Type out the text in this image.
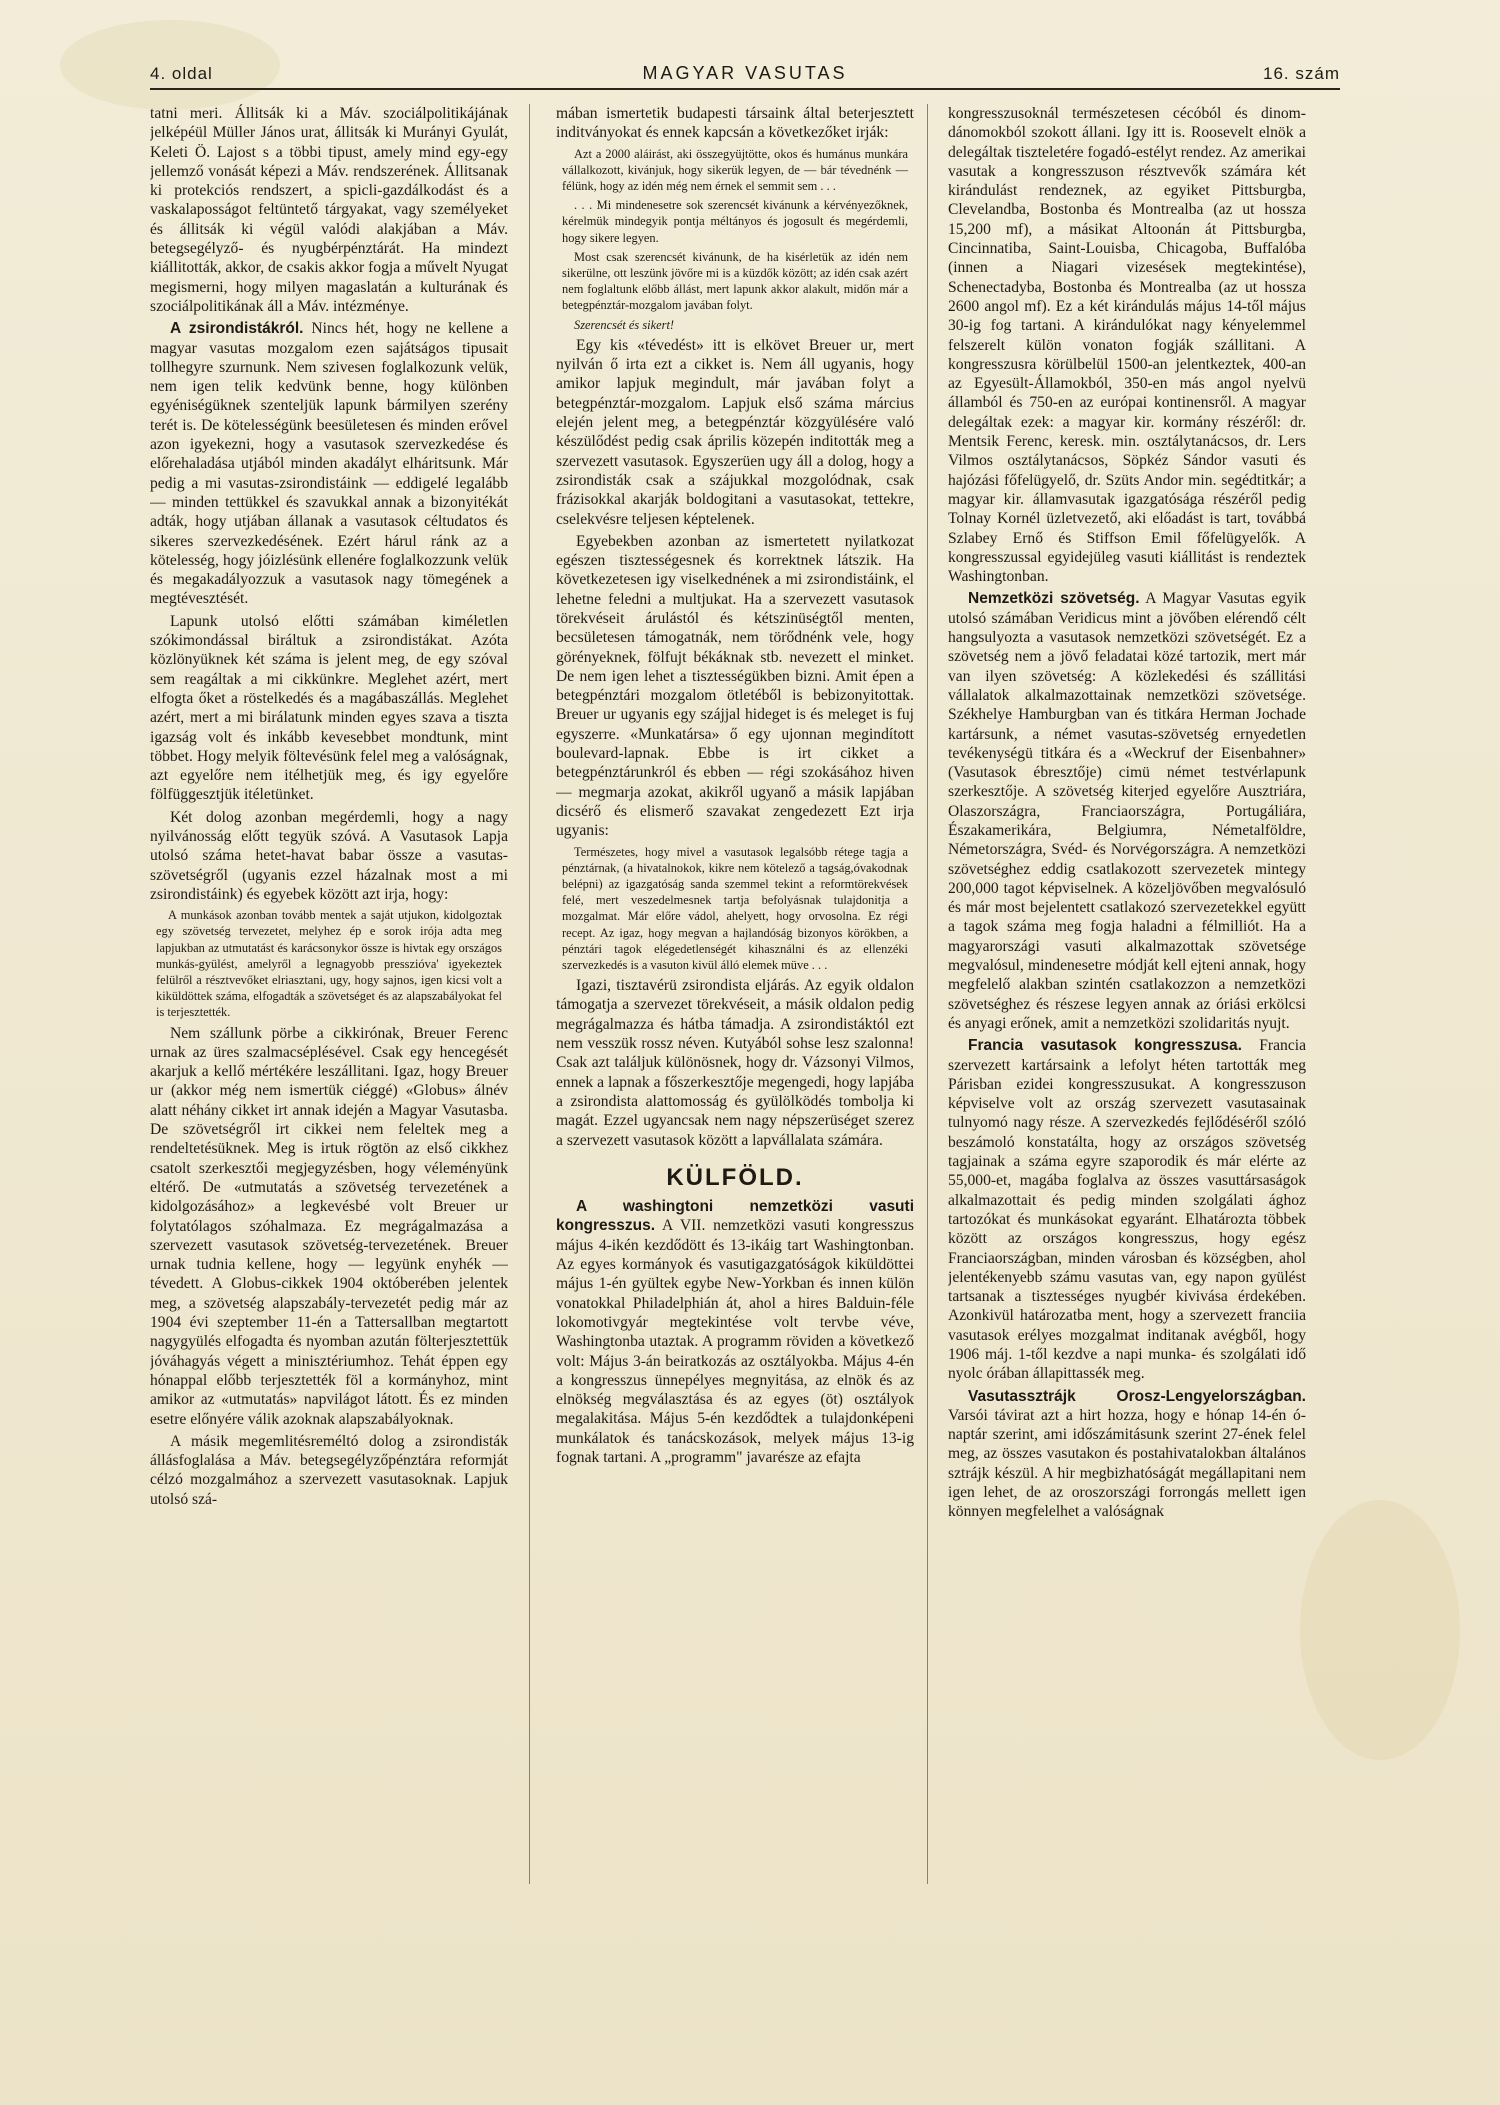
4. oldal	MAGYAR VASUTAS	16. szám

tatni meri. Állitsák ki a Máv. szociálpolitikájának jelképéül Müller János urat, állitsák ki Murányi Gyulát, Keleti Ö. Lajost s a többi tipust, amely mind egy-egy jellemző vonását képezi a Máv. rendszerének. Állitsanak ki protekciós rendszert, a spicli-gazdálkodást és a vaskalaposságot feltüntető tárgyakat, vagy személyeket és állitsák ki végül valódi alakjában a Máv. betegsegélyző- és nyugbérpénztárát. Ha mindezt kiállitották, akkor, de csakis akkor fogja a művelt Nyugat megismerni, hogy milyen magaslatán a kulturának és szociálpolitikának áll a Máv. intézménye.

A zsirondistákról. Nincs hét, hogy ne kellene a magyar vasutas mozgalom ezen sajátságos tipusait tollhegyre szurnunk. Nem szivesen foglalkozunk velük, nem igen telik kedvünk benne, hogy különben egyéniségüknek szenteljük lapunk bármilyen szerény terét is. De kötelességünk beesületesen és minden erővel azon igyekezni, hogy a vasutasok szervezkedése és előrehaladása utjából minden akadályt elháritsunk. Már pedig a mi vasutas-zsirondistáink — eddigelé legalább — minden tettükkel és szavukkal annak a bizonyitékát adták, hogy utjában állanak a vasutasok céltudatos és sikeres szervezkedésének. Ezért hárul ránk az a kötelesség, hogy jóizlésünk ellenére foglalkozzunk velük és megakadályozzuk a vasutasok nagy tömegének a megtévesztését.

Lapunk utolsó előtti számában kiméletlen szókimondással biráltuk a zsirondistákat. Azóta közlönyüknek két száma is jelent meg, de egy szóval sem reagáltak a mi cikkünkre. Meglehet azért, mert elfogta őket a röstelkedés és a magábaszállás. Meglehet azért, mert a mi birálatunk minden egyes szava a tiszta igazság volt és inkább kevesebbet mondtunk, mint többet. Hogy melyik föltevésünk felel meg a valóságnak, azt egyelőre nem itélhetjük meg, és igy egyelőre fölfüggesztjük itéletünket.

Két dolog azonban megérdemli, hogy a nagy nyilvánosság előtt tegyük szóvá. A Vasutasok Lapja utolsó száma hetet-havat babar össze a vasutas-szövetségről (ugyanis ezzel házalnak most a mi zsirondistáink) és egyebek között azt irja, hogy:

A munkások azonban tovább mentek a saját utjukon, kidolgoztak egy szövetség tervezetet, melyhez ép e sorok irója adta meg lapjukban az utmutatást és karácsonykor össze is hivtak egy országos munkás-gyülést, amelyről a legnagyobb presszióva' igyekeztek felülről a résztvevőket elriasztani, ugy, hogy sajnos, igen kicsi volt a kiküldöttek száma, elfogadták a szövetséget és az alapszabályokat fel is terjesztették.

Nem szállunk pörbe a cikkirónak, Breuer Ferenc urnak az üres szalmacséplésével. Csak egy hencegését akarjuk a kellő mértékére leszállitani. Igaz, hogy Breuer ur (akkor még nem ismertük ciéggé) «Globus» álnév alatt néhány cikket irt annak idején a Magyar Vasutasba. De szövetségről irt cikkei nem feleltek meg a rendeltetésüknek. Meg is irtuk rögtön az első cikkhez csatolt szerkesztői megjegyzésben, hogy véleményünk eltérő. De «utmutatás a szövetség tervezetének a kidolgozásához» a legkevésbé volt Breuer ur folytatólagos szóhalmaza. Ez megrágalmazása a szervezett vasutasok szövetség-tervezetének. Breuer urnak tudnia kellene, hogy — legyünk enyhék — tévedett. A Globus-cikkek 1904 októberében jelentek meg, a szövetség alapszabály-tervezetét pedig már az 1904 évi szeptember 11-én a Tattersallban megtartott nagygyülés elfogadta és nyomban azután fölterjesztettük jóváhagyás végett a minisztériumhoz. Tehát éppen egy hónappal előbb terjesztették föl a kormányhoz, mint amikor az «utmutatás» napvilágot látott. És ez minden esetre előnyére válik azoknak alapszabályoknak.

A másik megemlitésreméltó dolog a zsirondisták állásfoglalása a Máv. betegsegélyzőpénztára reformját célzó mozgalmához a szervezett vasutasoknak. Lapjuk utolsó szá-

mában ismertetik budapesti társaink által beterjesztett inditványokat és ennek kapcsán a következőket irják:

Azt a 2000 aláirást, aki összegyüjtötte, okos és humánus munkára vállalkozott, kivánjuk, hogy sikerük legyen, de — bár tévednénk — félünk, hogy az idén még nem érnek el semmit sem . . .

. . . Mi mindenesetre sok szerencsét kivánunk a kérvényezőknek, kérelmük mindegyik pontja méltányos és jogosult és megérdemli, hogy sikere legyen.

Most csak szerencsét kivánunk, de ha kisérletük az idén nem sikerülne, ott leszünk jövőre mi is a küzdők között; az idén csak azért nem foglaltunk előbb állást, mert lapunk akkor alakult, midőn már a betegpénztár-mozgalom javában folyt.

Szerencsét és sikert!

Egy kis «tévedést» itt is elkövet Breuer ur, mert nyilván ő irta ezt a cikket is. Nem áll ugyanis, hogy amikor lapjuk megindult, már javában folyt a betegpénztár-mozgalom. Lapjuk első száma március elején jelent meg, a betegpénztár közgyülésére való készülődést pedig csak április közepén inditották meg a szervezett vasutasok. Egyszerüen ugy áll a dolog, hogy a zsirondisták csak a szájukkal mozgolódnak, csak frázisokkal akarják boldogitani a vasutasokat, tettekre, cselekvésre teljesen képtelenek.

Egyebekben azonban az ismertetett nyilatkozat egészen tisztességesnek és korrektnek látszik. Ha következetesen igy viselkednének a mi zsirondistáink, el lehetne feledni a multjukat. Ha a szervezett vasutasok törekvéseit árulástól és kétszinüségtől menten, becsületesen támogatnák, nem törődnénk vele, hogy görényeknek, fölfujt békáknak stb. nevezett el minket. De nem igen lehet a tisztességükben bizni. Amit épen a betegpénztári mozgalom ötletéből is bebizonyitottak. Breuer ur ugyanis egy szájjal hideget is és meleget is fuj egyszerre. «Munkatársa» ő egy ujonnan megindított boulevard-lapnak. Ebbe is irt cikket a betegpénztárunkról és ebben — régi szokásához hiven — megmarja azokat, akikről ugyanő a másik lapjában dicsérő és elismerő szavakat zengedezett Ezt irja ugyanis:

Természetes, hogy mivel a vasutasok legalsóbb rétege tagja a pénztárnak, (a hivatalnokok, kikre nem kötelező a tagság,óvakodnak belépni) az igazgatóság sanda szemmel tekint a reformtörekvések felé, mert veszedelmesnek tartja befolyásnak tulajdonitja a mozgalmat. Már előre vádol, ahelyett, hogy orvosolna. Ez régi recept. Az igaz, hogy megvan a hajlandóság bizonyos körökben, a pénztári tagok elégedetlenségét kihasználni és az ellenzéki szervezkedés is a vasuton kivül álló elemek müve . . .

Igazi, tisztavérü zsirondista eljárás. Az egyik oldalon támogatja a szervezet törekvéseit, a másik oldalon pedig megrágalmazza és hátba támadja. A zsirondistáktól ezt nem vesszük rossz néven. Kutyából sohse lesz szalonna! Csak azt találjuk különösnek, hogy dr. Vázsonyi Vilmos, ennek a lapnak a főszerkesztője megengedi, hogy lapjába a zsirondista alattomosság és gyülölködés tombolja ki magát. Ezzel ugyancsak nem nagy népszerüséget szerez a szervezett vasutasok között a lapvállalata számára.

KÜLFÖLD.

A washingtoni nemzetközi vasuti kongresszus. A VII. nemzetközi vasuti kongresszus május 4-ikén kezdődött és 13-ikáig tart Washingtonban. Az egyes kormányok és vasutigazgatóságok kiküldöttei május 1-én gyültek egybe New-Yorkban és innen külön vonatokkal Philadelphián át, ahol a hires Balduin-féle lokomotivgyár megtekintése volt tervbe véve, Washingtonba utaztak. A programm röviden a következő volt: Május 3-án beiratkozás az osztályokba. Május 4-én a kongresszus ünnepélyes megnyitása, az elnök és az elnökség megválasztása és az egyes (öt) osztályok megalakitása. Május 5-én kezdődtek a tulajdonképeni munkálatok és tanácskozások, melyek május 13-ig fognak tartani. A „programm" javarésze az efajta

kongresszusoknál természetesen cécóból és dinom-dánomokból szokott állani. Igy itt is. Roosevelt elnök a delegáltak tiszteletére fogadó-estélyt rendez. Az amerikai vasutak a kongresszuson résztvevők számára két kirándulást rendeznek, az egyiket Pittsburgba, Clevelandba, Bostonba és Montrealba (az ut hossza 15,200 mf), a másikat Altoonán át Pittsburgba, Cincinnatiba, Saint-Louisba, Chicagoba, Buffalóba (innen a Niagari vizesések megtekintése), Schenectadyba, Bostonba és Montrealba (az ut hossza 2600 angol mf). Ez a két kirándulás május 14-től május 30-ig fog tartani. A kirándulókat nagy kényelemmel felszerelt külön vonaton fogják szállitani. A kongresszusra körülbelül 1500-an jelentkeztek, 400-an az Egyesült-Államokból, 350-en más angol nyelvü államból és 750-en az európai kontinensről. A magyar delegáltak ezek: a magyar kir. kormány részéről: dr. Mentsik Ferenc, keresk. min. osztálytanácsos, dr. Lers Vilmos osztálytanácsos, Söpkéz Sándor vasuti és hajózási főfelügyelő, dr. Szüts Andor min. segédtitkár; a magyar kir. államvasutak igazgatósága részéről pedig Tolnay Kornél üzletvezető, aki előadást is tart, továbbá Szlabey Ernő és Stiffson Emil főfelügyelők. A kongresszussal egyidejüleg vasuti kiállitást is rendeztek Washingtonban.

Nemzetközi szövetség. A Magyar Vasutas egyik utolsó számában Veridicus mint a jövőben elérendő célt hangsulyozta a vasutasok nemzetközi szövetségét. Ez a szövetség nem a jövő feladatai közé tartozik, mert már van ilyen szövetség: A közlekedési és szállitási vállalatok alkalmazottainak nemzetközi szövetsége. Székhelye Hamburgban van és titkára Herman Jochade kartársunk, a német vasutas-szövetség ernyedetlen tevékenységü titkára és a «Weckruf der Eisenbahner» (Vasutasok ébresztője) cimü német testvérlapunk szerkesztője. A szövetség kiterjed egyelőre Ausztriára, Olaszországra, Franciaországra, Portugáliára, Északamerikára, Belgiumra, Németalföldre, Németországra, Svéd- és Norvégországra. A nemzetközi szövetséghez eddig csatlakozott szervezetek mintegy 200,000 tagot képviselnek. A közeljövőben megvalósuló és már most bejelentett csatlakozó szervezetekkel együtt a tagok száma meg fogja haladni a félmilliót. Ha a magyarországi vasuti alkalmazottak szövetsége megvalósul, mindenesetre módját kell ejteni annak, hogy megfelelő alakban szintén csatlakozzon a nemzetközi szövetséghez és részese legyen annak az óriási erkölcsi és anyagi erőnek, amit a nemzetközi szolidaritás nyujt.

Francia vasutasok kongresszusa. Francia szervezett kartársaink a lefolyt héten tartották meg Párisban ezidei kongresszusukat. A kongresszuson képviselve volt az ország szervezett vasutasainak tulnyomó nagy része. A szervezkedés fejlődéséről szóló beszámoló konstatálta, hogy az országos szövetség tagjainak a száma egyre szaporodik és már elérte az 55,000-et, magába foglalva az összes vasuttársaságok alkalmazottait és pedig minden szolgálati ághoz tartozókat és munkásokat egyaránt. Elhatározta többek között az országos kongresszus, hogy egész Franciaországban, minden városban és községben, ahol jelentékenyebb számu vasutas van, egy napon gyülést tartsanak a tisztességes nyugbér kivivása érdekében. Azonkivül határozatba ment, hogy a szervezett franciia vasutasok erélyes mozgalmat inditanak avégből, hogy 1906 máj. 1-től kezdve a napi munka- és szolgálati idő nyolc órában állapittassék meg.

Vasutassztrájk Orosz-Lengyelországban. Varsói távirat azt a hirt hozza, hogy e hónap 14-én ó-naptár szerint, ami időszámitásunk szerint 27-ének felel meg, az összes vasutakon és postahivatalokban általános sztrájk készül. A hir megbizhatóságát megállapitani nem igen lehet, de az oroszországi forrongás mellett igen könnyen megfelelhet a valóságnak
